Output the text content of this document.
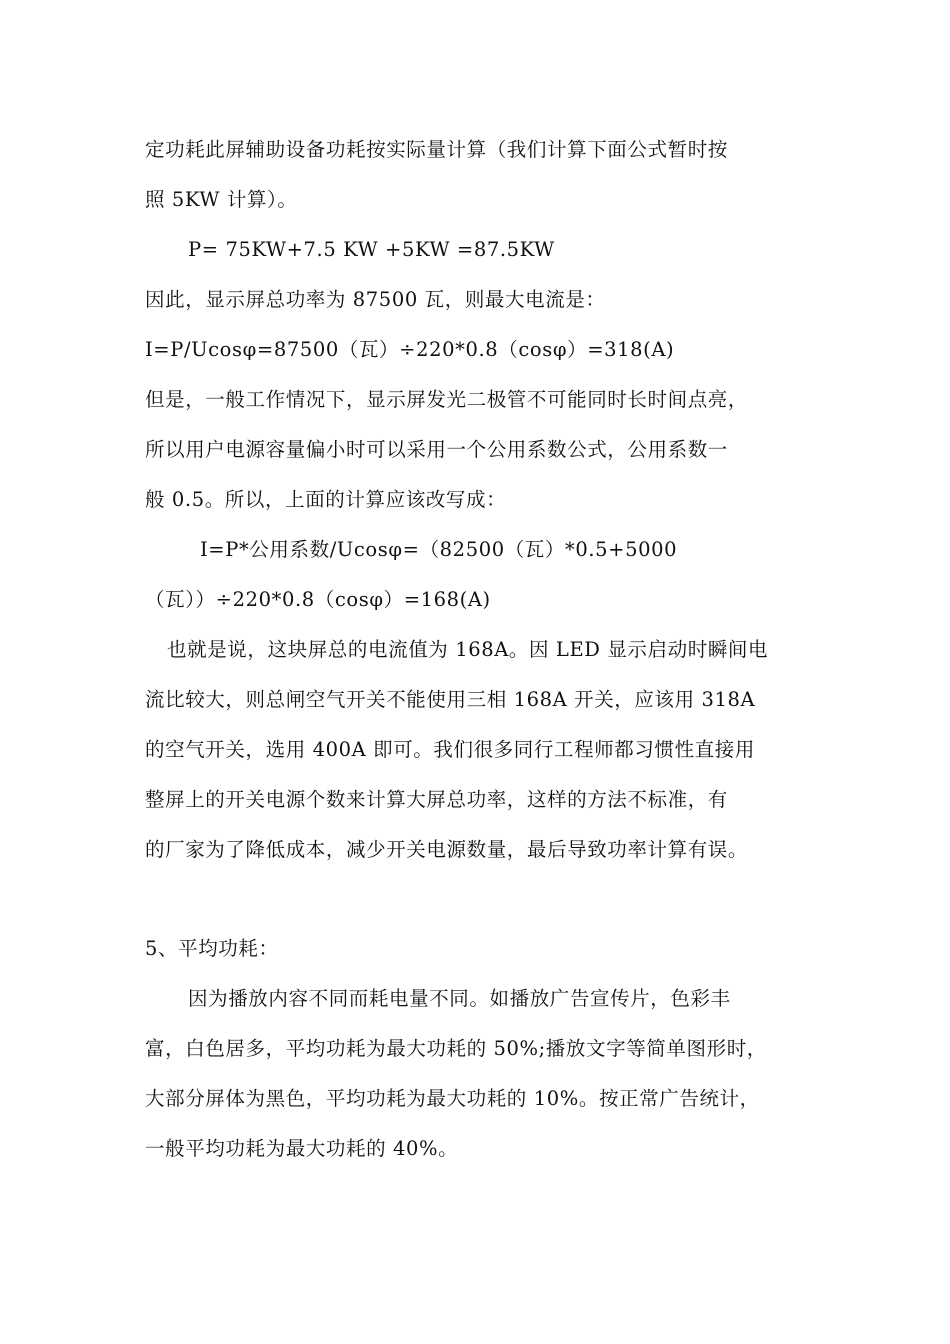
定功耗此屏辅助设备功耗按实际量计算（我们计算下面公式暂时按
照 5KW 计算）。
P= 75KW+7.5 KW +5KW =87.5KW
因此，显示屏总功率为 87500 瓦，则最大电流是：
I=P/Ucosφ=87500（瓦）÷220*0.8（cosφ）=318(A)
但是，一般工作情况下，显示屏发光二极管不可能同时长时间点亮，
所以用户电源容量偏小时可以采用一个公用系数公式，公用系数一
般 0.5。所以，上面的计算应该改写成：
I=P*公用系数/Ucosφ=（82500（瓦）*0.5+5000
（瓦））÷220*0.8（cosφ）=168(A)
也就是说，这块屏总的电流值为 168A。因 LED 显示启动时瞬间电
流比较大，则总闸空气开关不能使用三相 168A 开关，应该用 318A
的空气开关，选用 400A 即可。我们很多同行工程师都习惯性直接用
整屏上的开关电源个数来计算大屏总功率，这样的方法不标准，有
的厂家为了降低成本，减少开关电源数量，最后导致功率计算有误。
5、平均功耗：
因为播放内容不同而耗电量不同。如播放广告宣传片，色彩丰
富，白色居多，平均功耗为最大功耗的 50%;播放文字等简单图形时，
大部分屏体为黑色，平均功耗为最大功耗的 10%。按正常广告统计，
一般平均功耗为最大功耗的 40%。
